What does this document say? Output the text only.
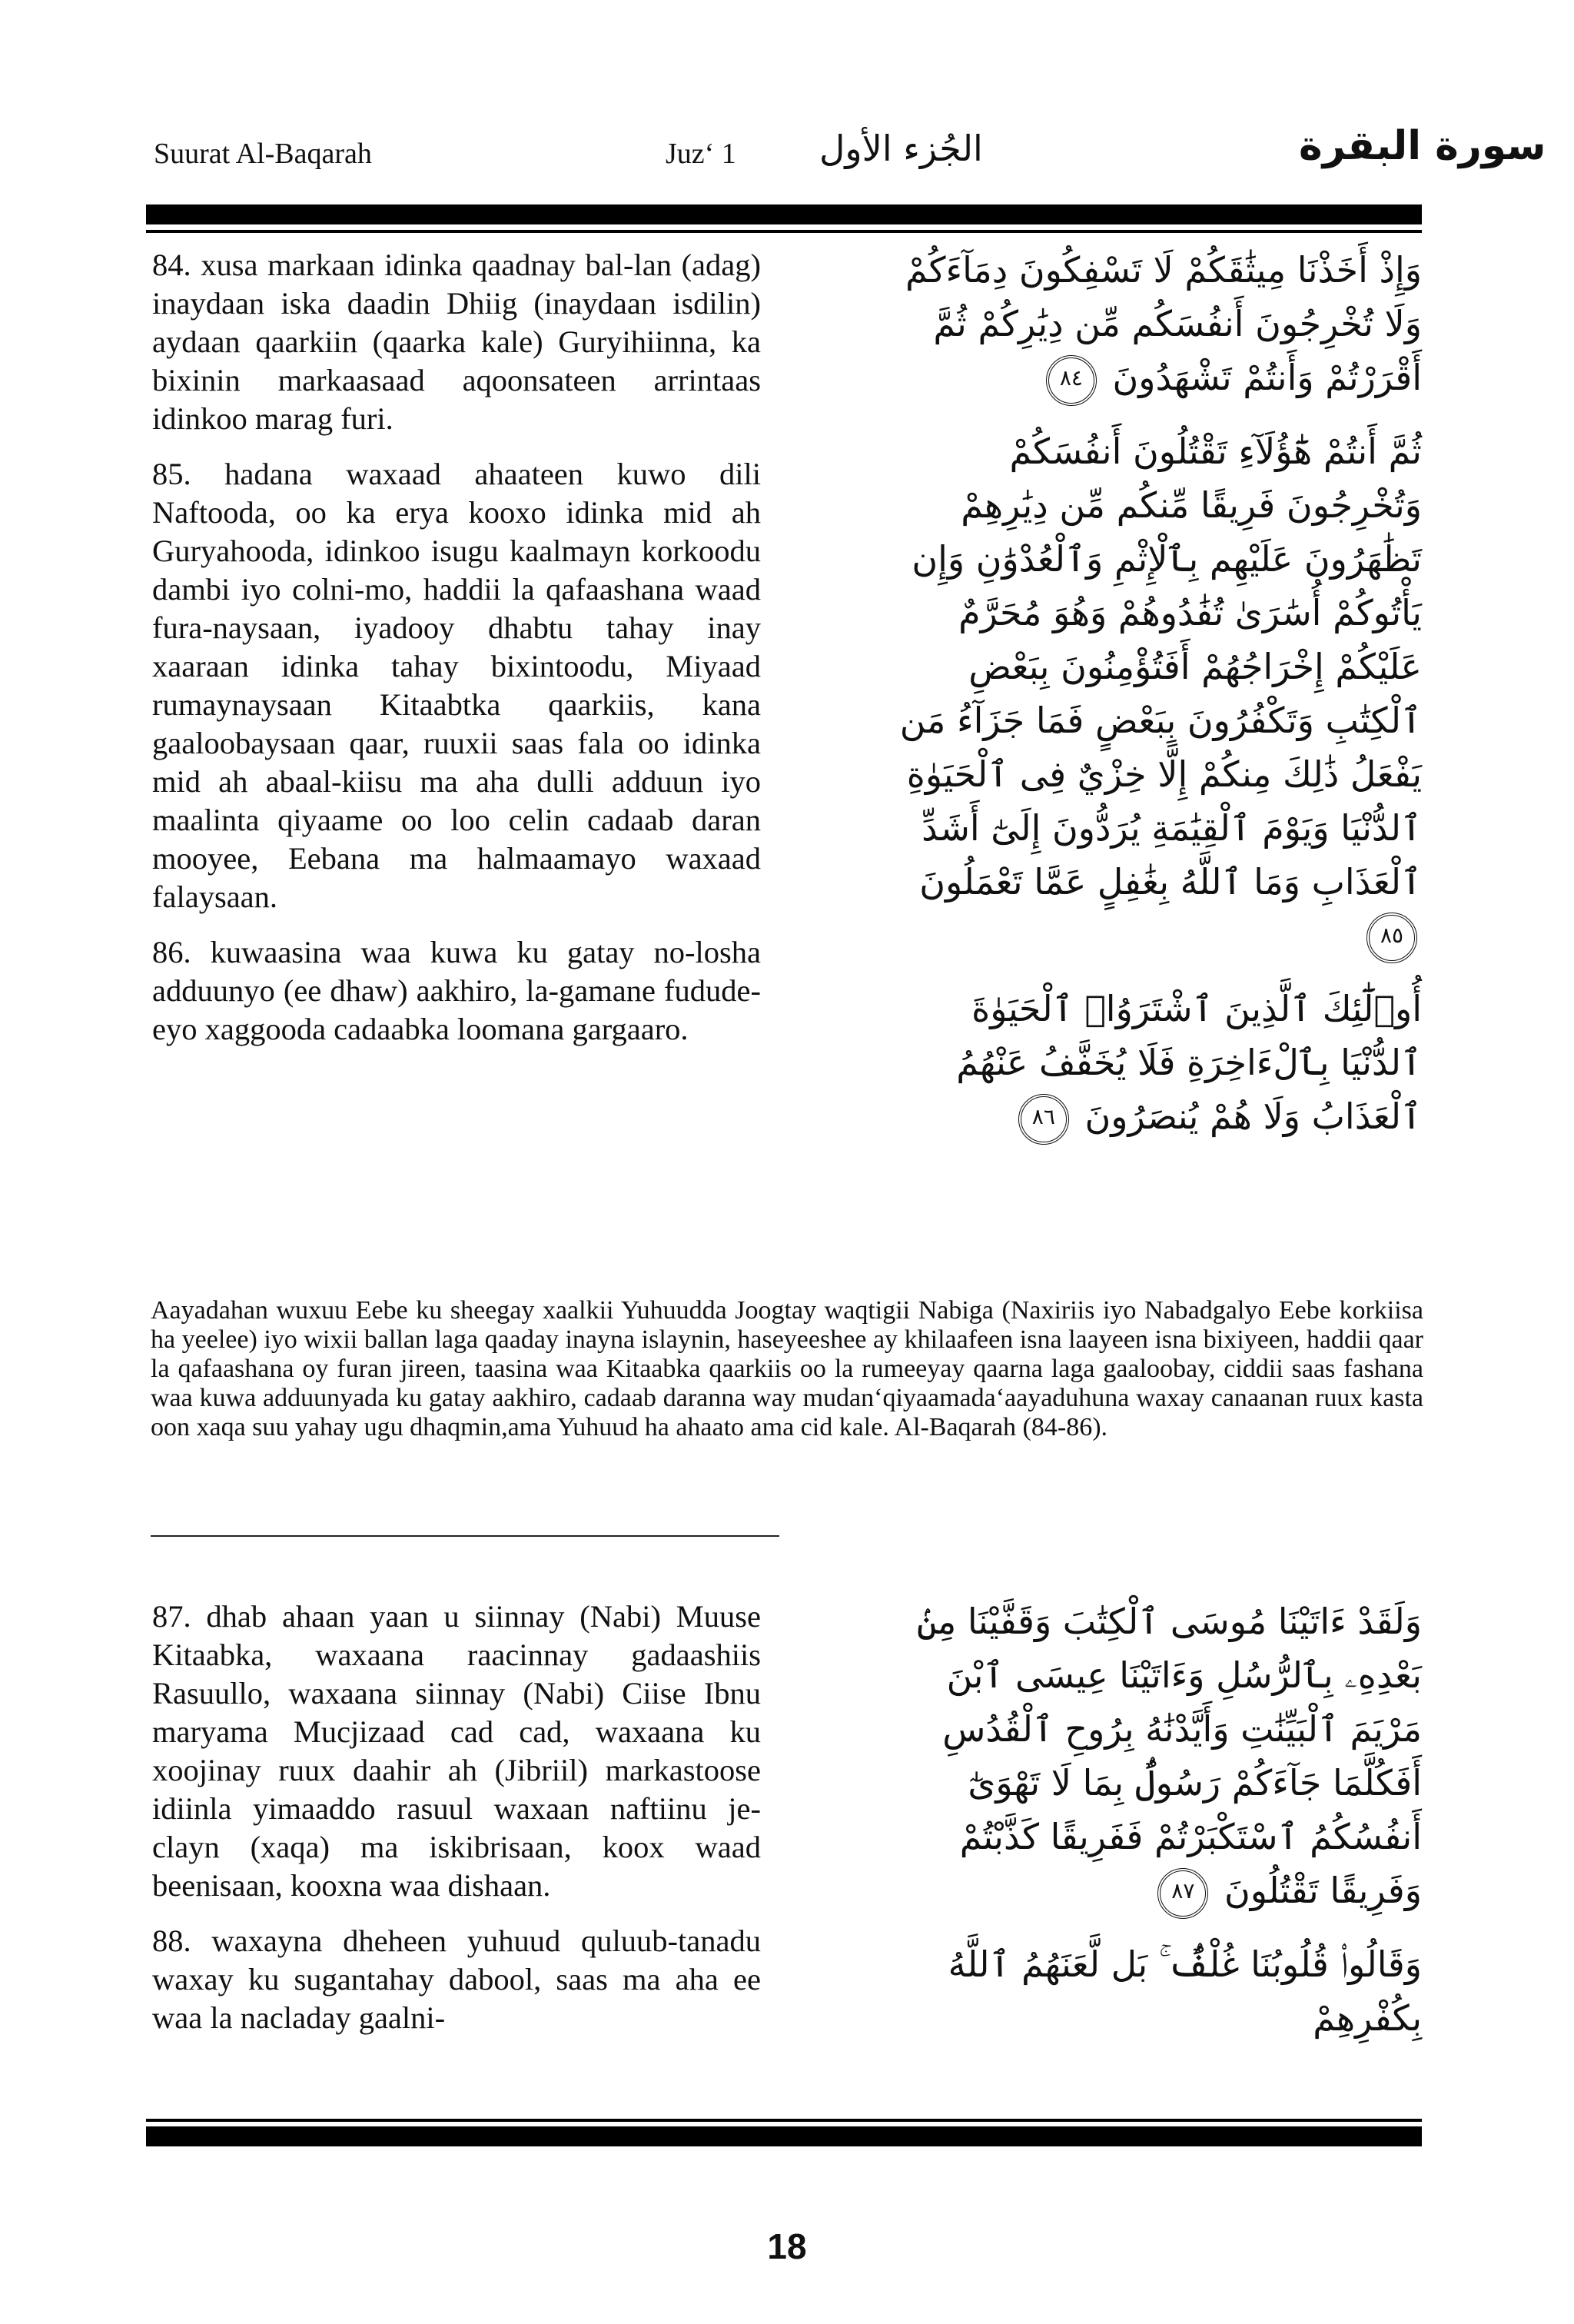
Suurat Al-Baqarah	Juz‘ 1 الجُزء الأول	سورة البقرة

84. xusa markaan idinka qaadnay bal-lan (adag) inaydaan iska daadin Dhiig (inaydaan isdilin) aydaan qaarkiin (qaarka kale) Guryihiinna, ka bixinin markaasaad aqoonsateen arrintaas idinkoo marag furi.

85. hadana waxaad ahaateen kuwo dili Naftooda, oo ka erya kooxo idinka mid ah Guryahooda, idinkoo isugu kaalmayn korkoodu dambi iyo colni-mo, haddii la qafaashana waad fura-naysaan, iyadooy dhabtu tahay inay xaaraan idinka tahay bixintoodu, Miyaad rumaynaysaan Kitaabtka qaarkiis, kana gaaloobaysaan qaar, ruuxii saas fala oo idinka mid ah abaal-kiisu ma aha dulli adduun iyo maalinta qiyaame oo loo celin cadaab daran mooyee, Eebana ma halmaamayo waxaad falaysaan.

86. kuwaasina waa kuwa ku gatay no-losha adduunyo (ee dhaw) aakhiro, la-gamane fududeeyo xaggooda cadaabka loomana gargaaro.

وَإِذْ أَخَذْنَا مِيثَٰقَكُمْ لَا تَسْفِكُونَ دِمَآءَكُمْ وَلَا تُخْرِجُونَ أَنفُسَكُم مِّن دِيَٰرِكُمْ ثُمَّ أَقْرَرْتُمْ وَأَنتُمْ تَشْهَدُونَ ٨٤

ثُمَّ أَنتُمْ هَٰٓؤُلَآءِ تَقْتُلُونَ أَنفُسَكُمْ وَتُخْرِجُونَ فَرِيقًا مِّنكُم مِّن دِيَٰرِهِمْ تَظَٰهَرُونَ عَلَيْهِم بِٱلْإِثْمِ وَٱلْعُدْوَٰنِ وَإِن يَأْتُوكُمْ أُسَٰرَىٰ تُفَٰدُوهُمْ وَهُوَ مُحَرَّمٌ عَلَيْكُمْ إِخْرَاجُهُمْ أَفَتُؤْمِنُونَ بِبَعْضِ ٱلْكِتَٰبِ وَتَكْفُرُونَ بِبَعْضٍ فَمَا جَزَآءُ مَن يَفْعَلُ ذَٰلِكَ مِنكُمْ إِلَّا خِزْيٌ فِى ٱلْحَيَوٰةِ ٱلدُّنْيَا وَيَوْمَ ٱلْقِيَٰمَةِ يُرَدُّونَ إِلَىٰٓ أَشَدِّ ٱلْعَذَابِ وَمَا ٱللَّهُ بِغَٰفِلٍ عَمَّا تَعْمَلُونَ ٨٥

أُو۟لَٰٓئِكَ ٱلَّذِينَ ٱشْتَرَوُا۟ ٱلْحَيَوٰةَ ٱلدُّنْيَا بِٱلْءَاخِرَةِ فَلَا يُخَفَّفُ عَنْهُمُ ٱلْعَذَابُ وَلَا هُمْ يُنصَرُونَ ٨٦

Aayadahan wuxuu Eebe ku sheegay xaalkii Yuhuudda Joogtay waqtigii Nabiga (Naxiriis iyo Nabadgalyo Eebe korkiisa ha yeelee) iyo wixii ballan laga qaaday inayna islaynin, haseyeeshee ay khilaafeen isna laayeen isna bixiyeen, haddii qaar la qafaashana oy furan jireen, taasina waa Kitaabka qaarkiis oo la rumeeyay qaarna laga gaaloobay, ciddii saas fashana waa kuwa adduunyada ku gatay aakhiro, cadaab daranna way mudan‘qiyaamada‘aayaduhuna waxay canaanan ruux kasta oon xaqa suu yahay ugu dhaqmin,ama Yuhuud ha ahaato ama cid kale. Al-Baqarah (84-86).

87. dhab ahaan yaan u siinnay (Nabi) Muuse Kitaabka, waxaana raacinnay gadaashiis Rasuullo, waxaana siinnay (Nabi) Ciise Ibnu maryama Mucjizaad cad cad, waxaana ku xoojinay ruux daahir ah (Jibriil) markastoose idiinla yimaaddo rasuul waxaan naftiinu je-clayn (xaqa) ma iskibrisaan, koox waad beenisaan, kooxna waa dishaan.

88. waxayna dheheen yuhuud quluub-tanadu waxay ku sugantahay dabool, saas ma aha ee waa la nacladay gaalni-

وَلَقَدْ ءَاتَيْنَا مُوسَى ٱلْكِتَٰبَ وَقَفَّيْنَا مِنۢ بَعْدِهِۦ بِٱلرُّسُلِ وَءَاتَيْنَا عِيسَى ٱبْنَ مَرْيَمَ ٱلْبَيِّنَٰتِ وَأَيَّدْنَٰهُ بِرُوحِ ٱلْقُدُسِ أَفَكُلَّمَا جَآءَكُمْ رَسُولٌۢ بِمَا لَا تَهْوَىٰٓ أَنفُسُكُمُ ٱسْتَكْبَرْتُمْ فَفَرِيقًا كَذَّبْتُمْ وَفَرِيقًا تَقْتُلُونَ ٨٧

وَقَالُوا۟ قُلُوبُنَا غُلْفٌۢ ۚ بَل لَّعَنَهُمُ ٱللَّهُ بِكُفْرِهِمْ

18
